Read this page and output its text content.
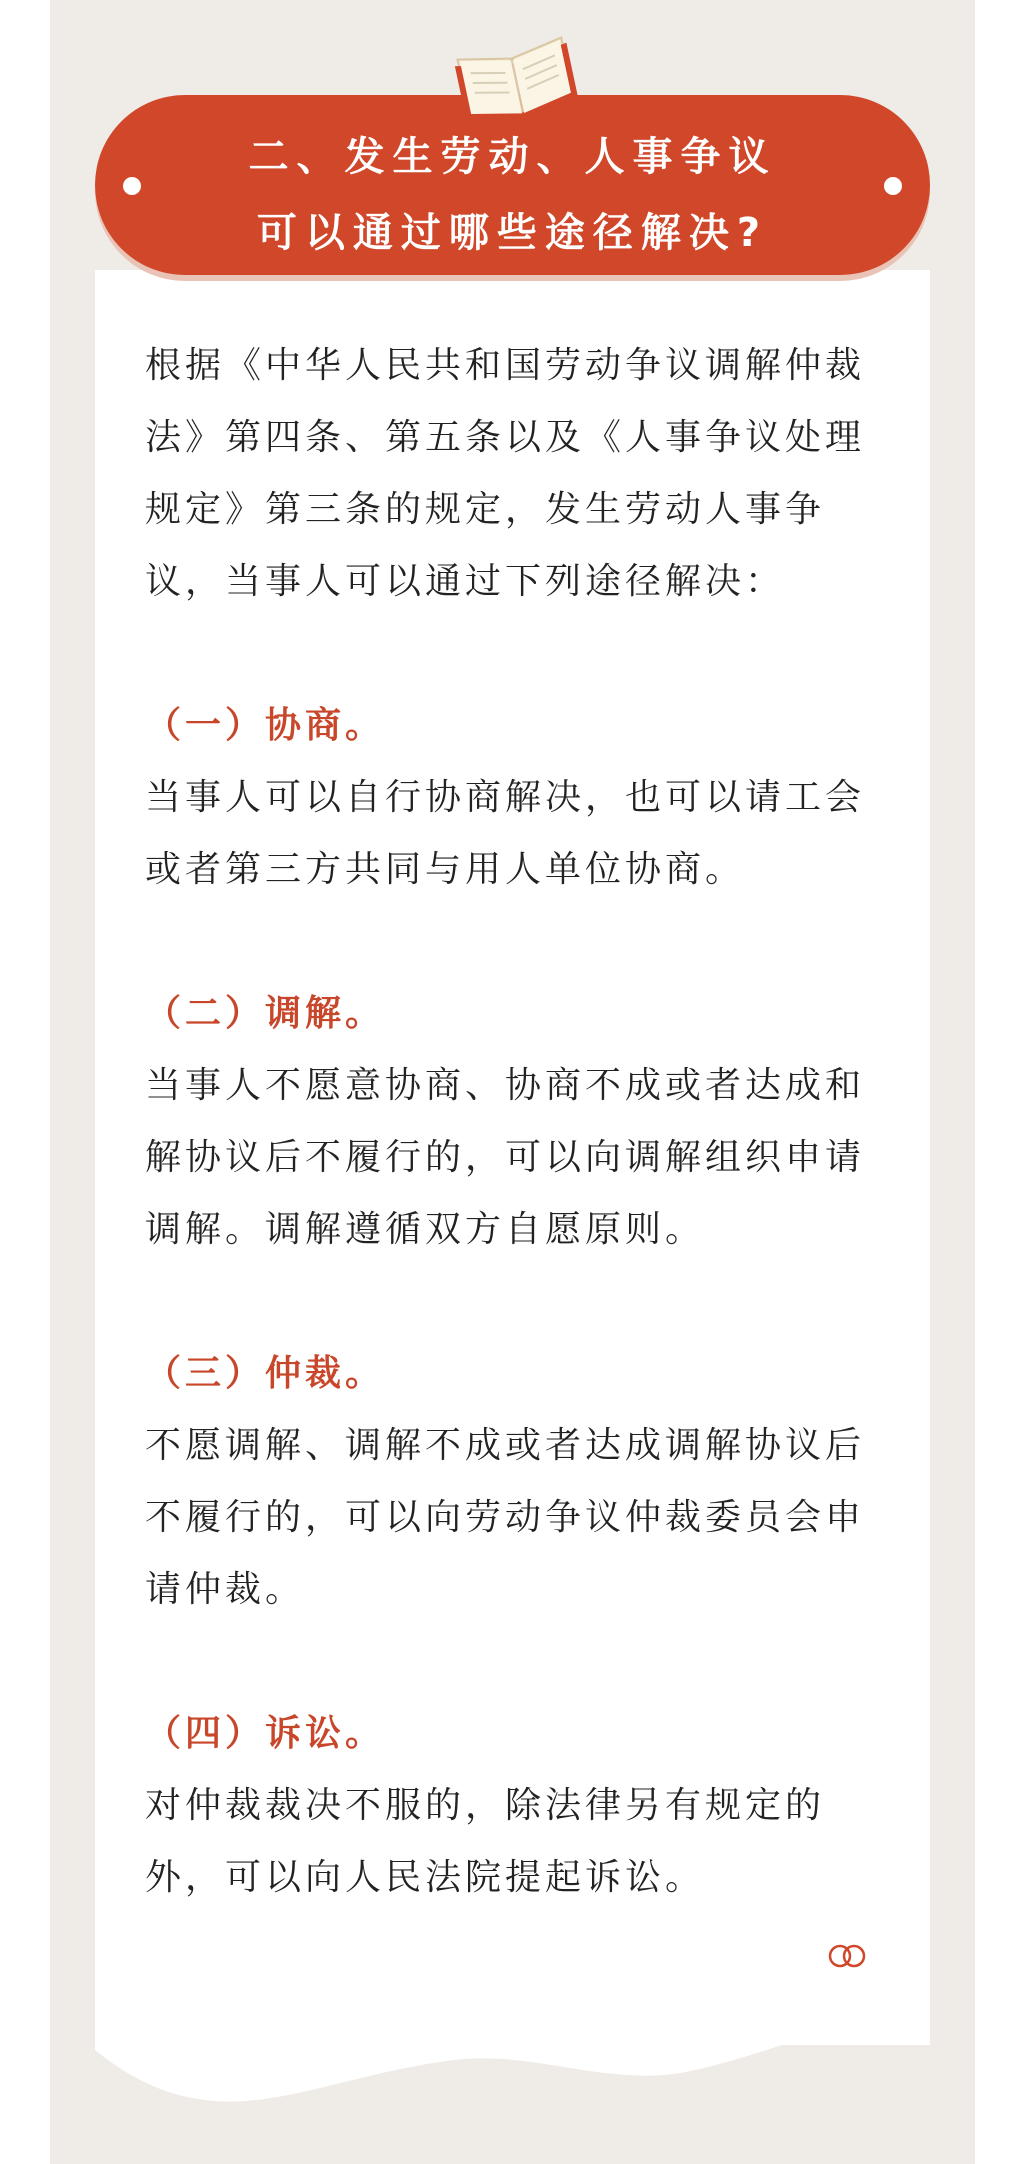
二、发生劳动、人事争议
可以通过哪些途径解决?

根据《中华人民共和国劳动争议调解仲裁法》第四条、第五条以及《人事争议处理规定》第三条的规定，发生劳动人事争议，当事人可以通过下列途径解决：

（一）协商。

当事人可以自行协商解决，也可以请工会或者第三方共同与用人单位协商。

（二）调解。

当事人不愿意协商、协商不成或者达成和解协议后不履行的，可以向调解组织申请调解。调解遵循双方自愿原则。

（三）仲裁。

不愿调解、调解不成或者达成调解协议后不履行的，可以向劳动争议仲裁委员会申请仲裁。

（四）诉讼。

对仲裁裁决不服的，除法律另有规定的外，可以向人民法院提起诉讼。
